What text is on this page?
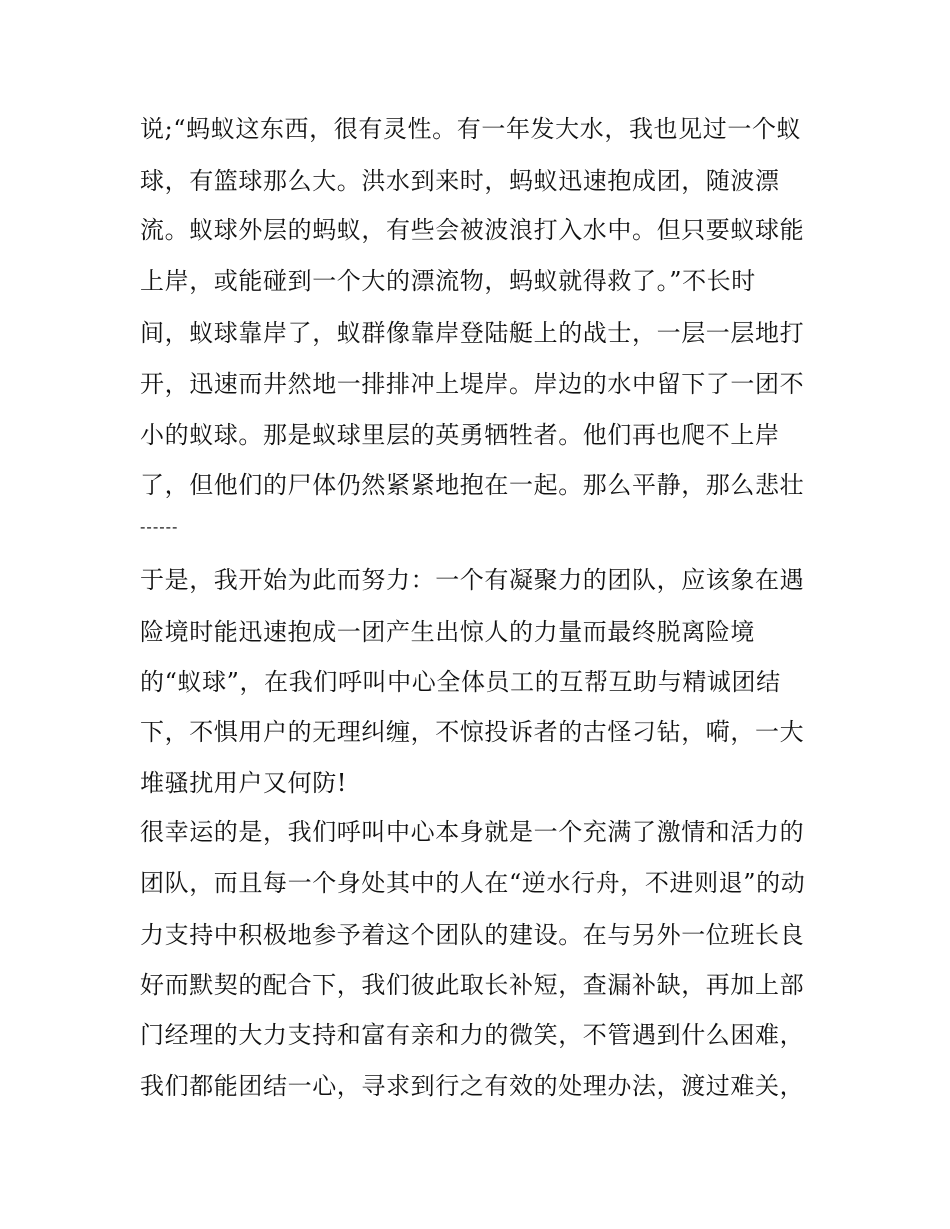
说;“蚂蚁这东西，很有灵性。有一年发大水，我也见过一个蚁
球，有篮球那么大。洪水到来时，蚂蚁迅速抱成团，随波漂
流。蚁球外层的蚂蚁，有些会被波浪打入水中。但只要蚁球能
上岸，或能碰到一个大的漂流物，蚂蚁就得救了。”不长时
间，蚁球靠岸了，蚁群像靠岸登陆艇上的战士，一层一层地打
开，迅速而井然地一排排冲上堤岸。岸边的水中留下了一团不
小的蚁球。那是蚁球里层的英勇牺牲者。他们再也爬不上岸
了，但他们的尸体仍然紧紧地抱在一起。那么平静，那么悲壮
------
于是，我开始为此而努力：一个有凝聚力的团队，应该象在遇
险境时能迅速抱成一团产生出惊人的力量而最终脱离险境
的“蚁球”，在我们呼叫中心全体员工的互帮互助与精诚团结
下，不惧用户的无理纠缠，不惊投诉者的古怪刁钻，嗬，一大
堆骚扰用户又何防!
很幸运的是，我们呼叫中心本身就是一个充满了激情和活力的
团队，而且每一个身处其中的人在“逆水行舟，不进则退”的动
力支持中积极地参予着这个团队的建设。在与另外一位班长良
好而默契的配合下，我们彼此取长补短，查漏补缺，再加上部
门经理的大力支持和富有亲和力的微笑，不管遇到什么困难，
我们都能团结一心，寻求到行之有效的处理办法，渡过难关，
